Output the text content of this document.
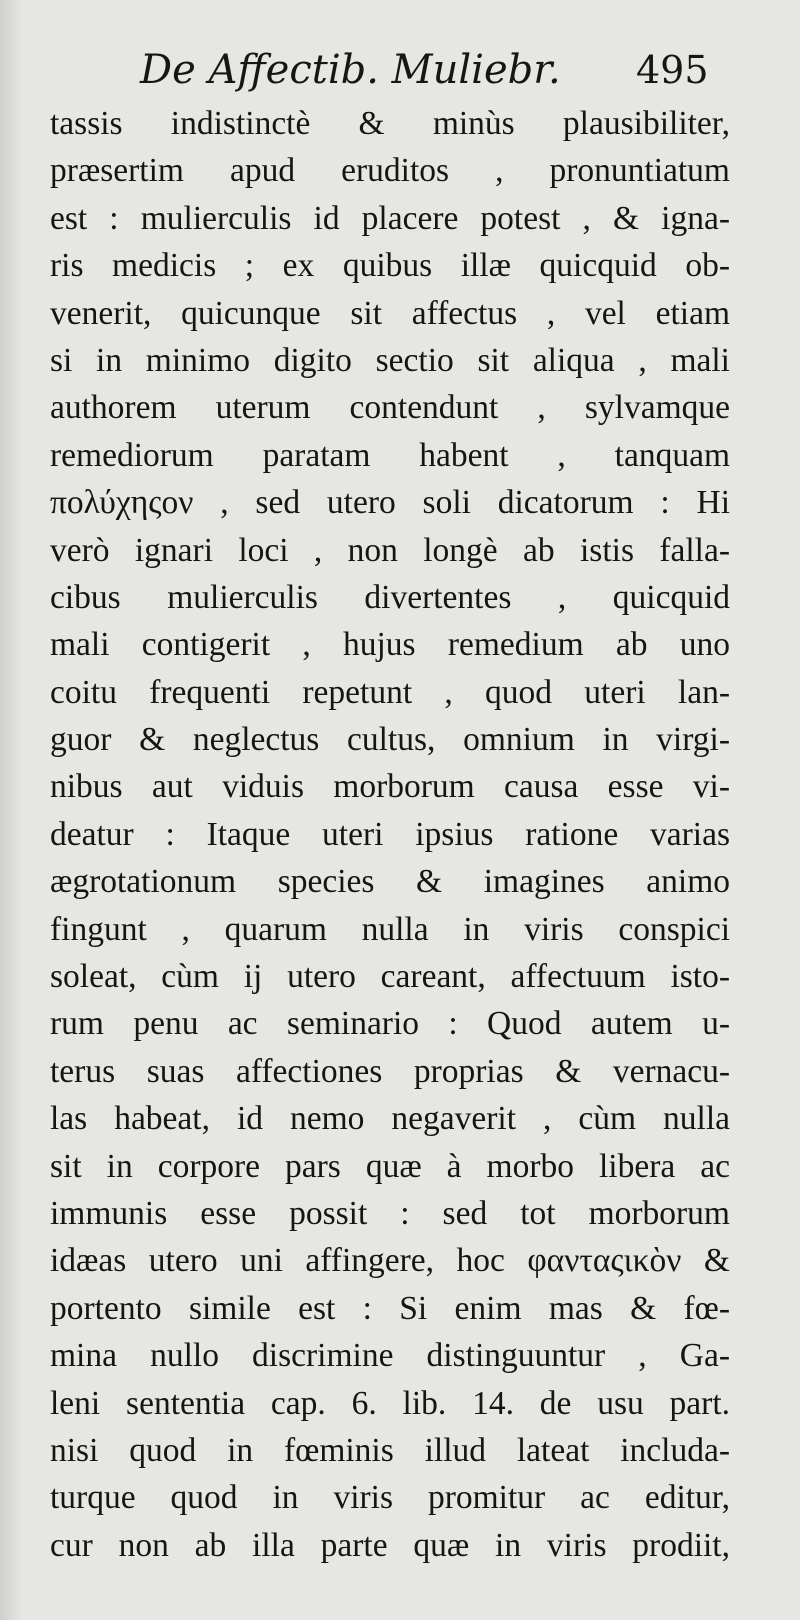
De Affectib. Muliebr. 495
tassis indistinctè & minùs plausibiliter,
præsertim apud eruditos , pronuntiatum
est : mulierculis id placere potest , & igna-
ris medicis ; ex quibus illæ quicquid ob-
venerit, quicunque sit affectus , vel etiam
si in minimo digito sectio sit aliqua , mali
authorem uterum contendunt , sylvamque
remediorum paratam habent , tanquam
πολύχηςον , sed utero soli dicatorum : Hi
verò ignari loci , non longè ab istis falla-
cibus mulierculis divertentes , quicquid
mali contigerit , hujus remedium ab uno
coitu frequenti repetunt , quod uteri lan-
guor & neglectus cultus, omnium in virgi-
nibus aut viduis morborum causa esse vi-
deatur : Itaque uteri ipsius ratione varias
ægrotationum species & imagines animo
fingunt , quarum nulla in viris conspici
soleat, cùm ij utero careant, affectuum isto-
rum penu ac seminario : Quod autem u-
terus suas affectiones proprias & vernacu-
las habeat, id nemo negaverit , cùm nulla
sit in corpore pars quæ à morbo libera ac
immunis esse possit : sed tot morborum
idæas utero uni affingere, hoc φανταςικὸν &
portento simile est : Si enim mas & fœ-
mina nullo discrimine distinguuntur , Ga-
leni sententia cap. 6. lib. 14. de usu part.
nisi quod in fœminis illud lateat includa-
turque quod in viris promitur ac editur,
cur non ab illa parte quæ in viris prodiit,
